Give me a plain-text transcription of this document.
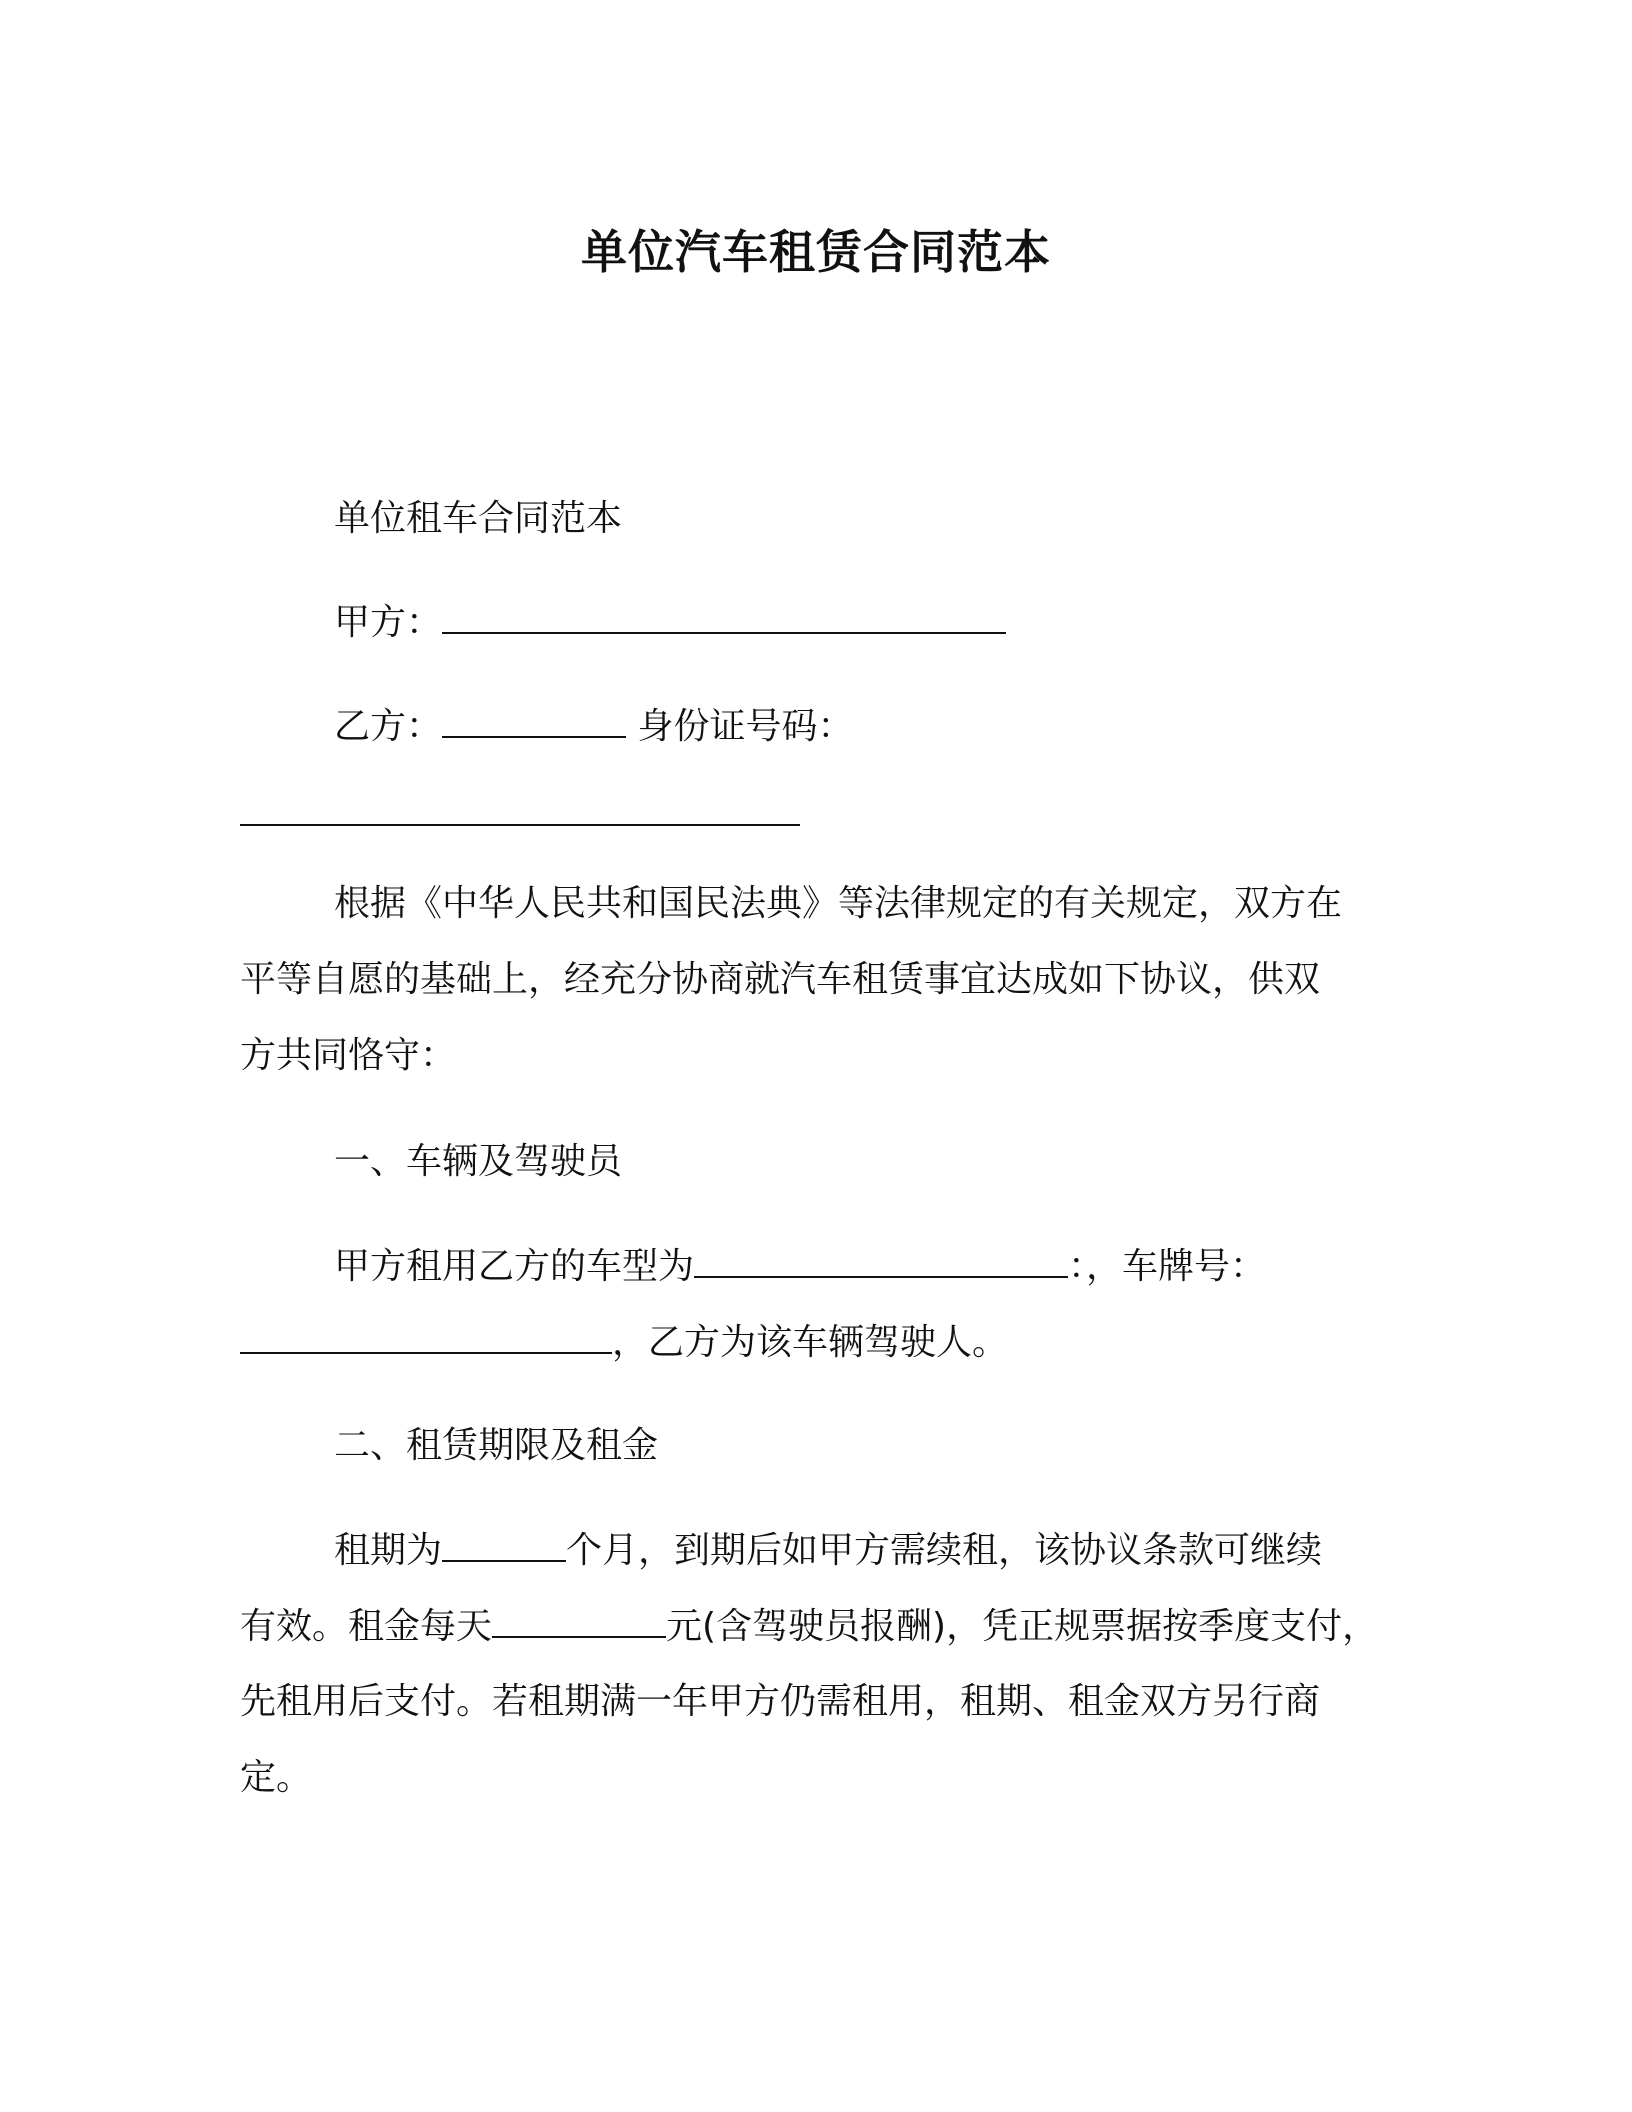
单位汽车租赁合同范本
单位租车合同范本
甲方：
乙方：	身份证号码：
根据《中华人民共和国民法典》等法律规定的有关规定，双方在
平等自愿的基础上，经充分协商就汽车租赁事宜达成如下协议，供双
方共同恪守：
一、车辆及驾驶员
甲方租用乙方的车型为	：，车牌号：
，乙方为该车辆驾驶人。
二、租赁期限及租金
租期为	个月，到期后如甲方需续租，该协议条款可继续
有效。租金每天	元(含驾驶员报酬)，凭正规票据按季度支付，
先租用后支付。若租期满一年甲方仍需租用，租期、租金双方另行商
定。
